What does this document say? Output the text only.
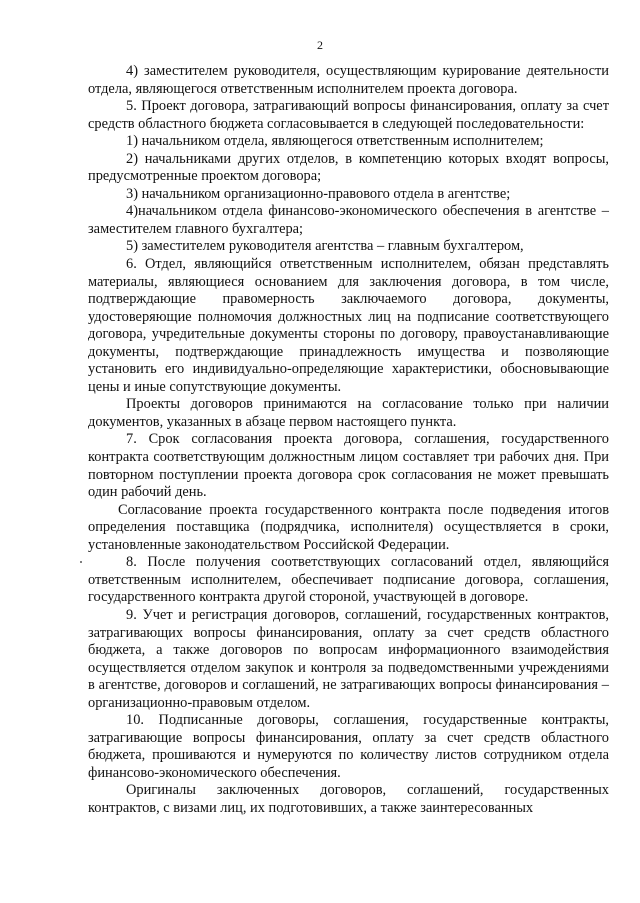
2

4) заместителем руководителя, осуществляющим курирование деятельности отдела, являющегося ответственным исполнителем проекта договора.

5. Проект договора, затрагивающий вопросы финансирования, оплату за счет средств областного бюджета согласовывается в следующей последовательности:

1) начальником отдела, являющегося ответственным исполнителем;

2) начальниками других отделов, в компетенцию которых входят вопросы, предусмотренные проектом договора;

3) начальником организационно-правового отдела в агентстве;

4)начальником отдела финансово-экономического обеспечения в агентстве – заместителем главного бухгалтера;

5) заместителем руководителя агентства – главным бухгалтером,

6. Отдел, являющийся ответственным исполнителем, обязан представлять материалы, являющиеся основанием для заключения договора, в том числе, подтверждающие правомерность заключаемого договора, документы, удостоверяющие полномочия должностных лиц на подписание соответствующего договора, учредительные документы стороны по договору, правоустанавливающие документы, подтверждающие принадлежность имущества и позволяющие установить его индивидуально-определяющие характеристики, обосновывающие цены и иные сопутствующие документы.

Проекты договоров принимаются на согласование только при наличии документов, указанных в абзаце первом настоящего пункта.

7. Срок согласования проекта договора, соглашения, государственного контракта соответствующим должностным лицом составляет три рабочих дня. При повторном поступлении проекта договора срок согласования не может превышать один рабочий день.

Согласование проекта государственного контракта после подведения итогов определения поставщика (подрядчика, исполнителя) осуществляется в сроки, установленные законодательством Российской Федерации.

8. После получения соответствующих согласований отдел, являющийся ответственным исполнителем, обеспечивает подписание договора, соглашения, государственного контракта другой стороной, участвующей в договоре.

9. Учет и регистрация договоров, соглашений, государственных контрактов, затрагивающих вопросы финансирования, оплату за счет средств областного бюджета, а также договоров по вопросам информационного взаимодействия осуществляется отделом закупок и контроля за подведомственными учреждениями в агентстве, договоров и соглашений, не затрагивающих вопросы финансирования – организационно-правовым отделом.

10. Подписанные договоры, соглашения, государственные контракты, затрагивающие вопросы финансирования, оплату за счет средств областного бюджета, прошиваются и нумеруются по количеству листов сотрудником отдела финансово-экономического обеспечения.

Оригиналы заключенных договоров, соглашений, государственных контрактов, с визами лиц, их подготовивших, а также заинтересованных
